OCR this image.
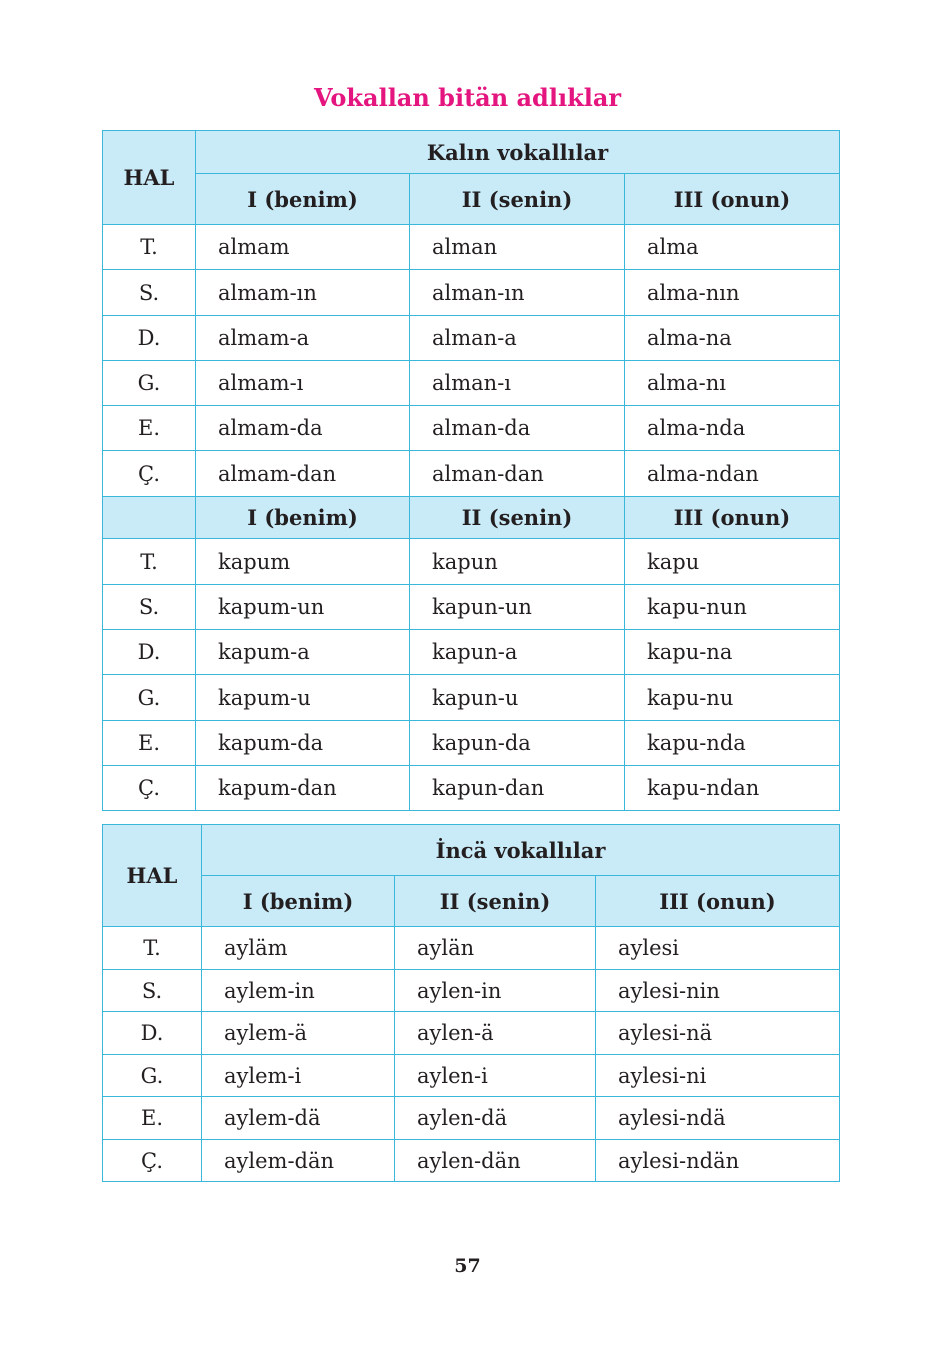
Vokallan bitän adlıklar
HAL	Kalın vokallılar		
	I (benim)	II (senin)	III (onun)
T.	almam	alman	alma
S.	almam-ın	alman-ın	alma-nın
D.	almam-a	alman-a	alma-na
G.	almam-ı	alman-ı	alma-nı
E.	almam-da	alman-da	alma-nda
Ç.	almam-dan	alman-dan	alma-ndan
	I (benim)	II (senin)	III (onun)
T.	kapum	kapun	kapu
S.	kapum-un	kapun-un	kapu-nun
D.	kapum-a	kapun-a	kapu-na
G.	kapum-u	kapun-u	kapu-nu
E.	kapum-da	kapun-da	kapu-nda
Ç.	kapum-dan	kapun-dan	kapu-ndan
HAL	İncä vokallılar		
	I (benim)	II (senin)	III (onun)
T.	ayläm	aylän	aylesi
S.	aylem-in	aylen-in	aylesi-nin
D.	aylem-ä	aylen-ä	aylesi-nä
G.	aylem-i	aylen-i	aylesi-ni
E.	aylem-dä	aylen-dä	aylesi-ndä
Ç.	aylem-dän	aylen-dän	aylesi-ndän
57
